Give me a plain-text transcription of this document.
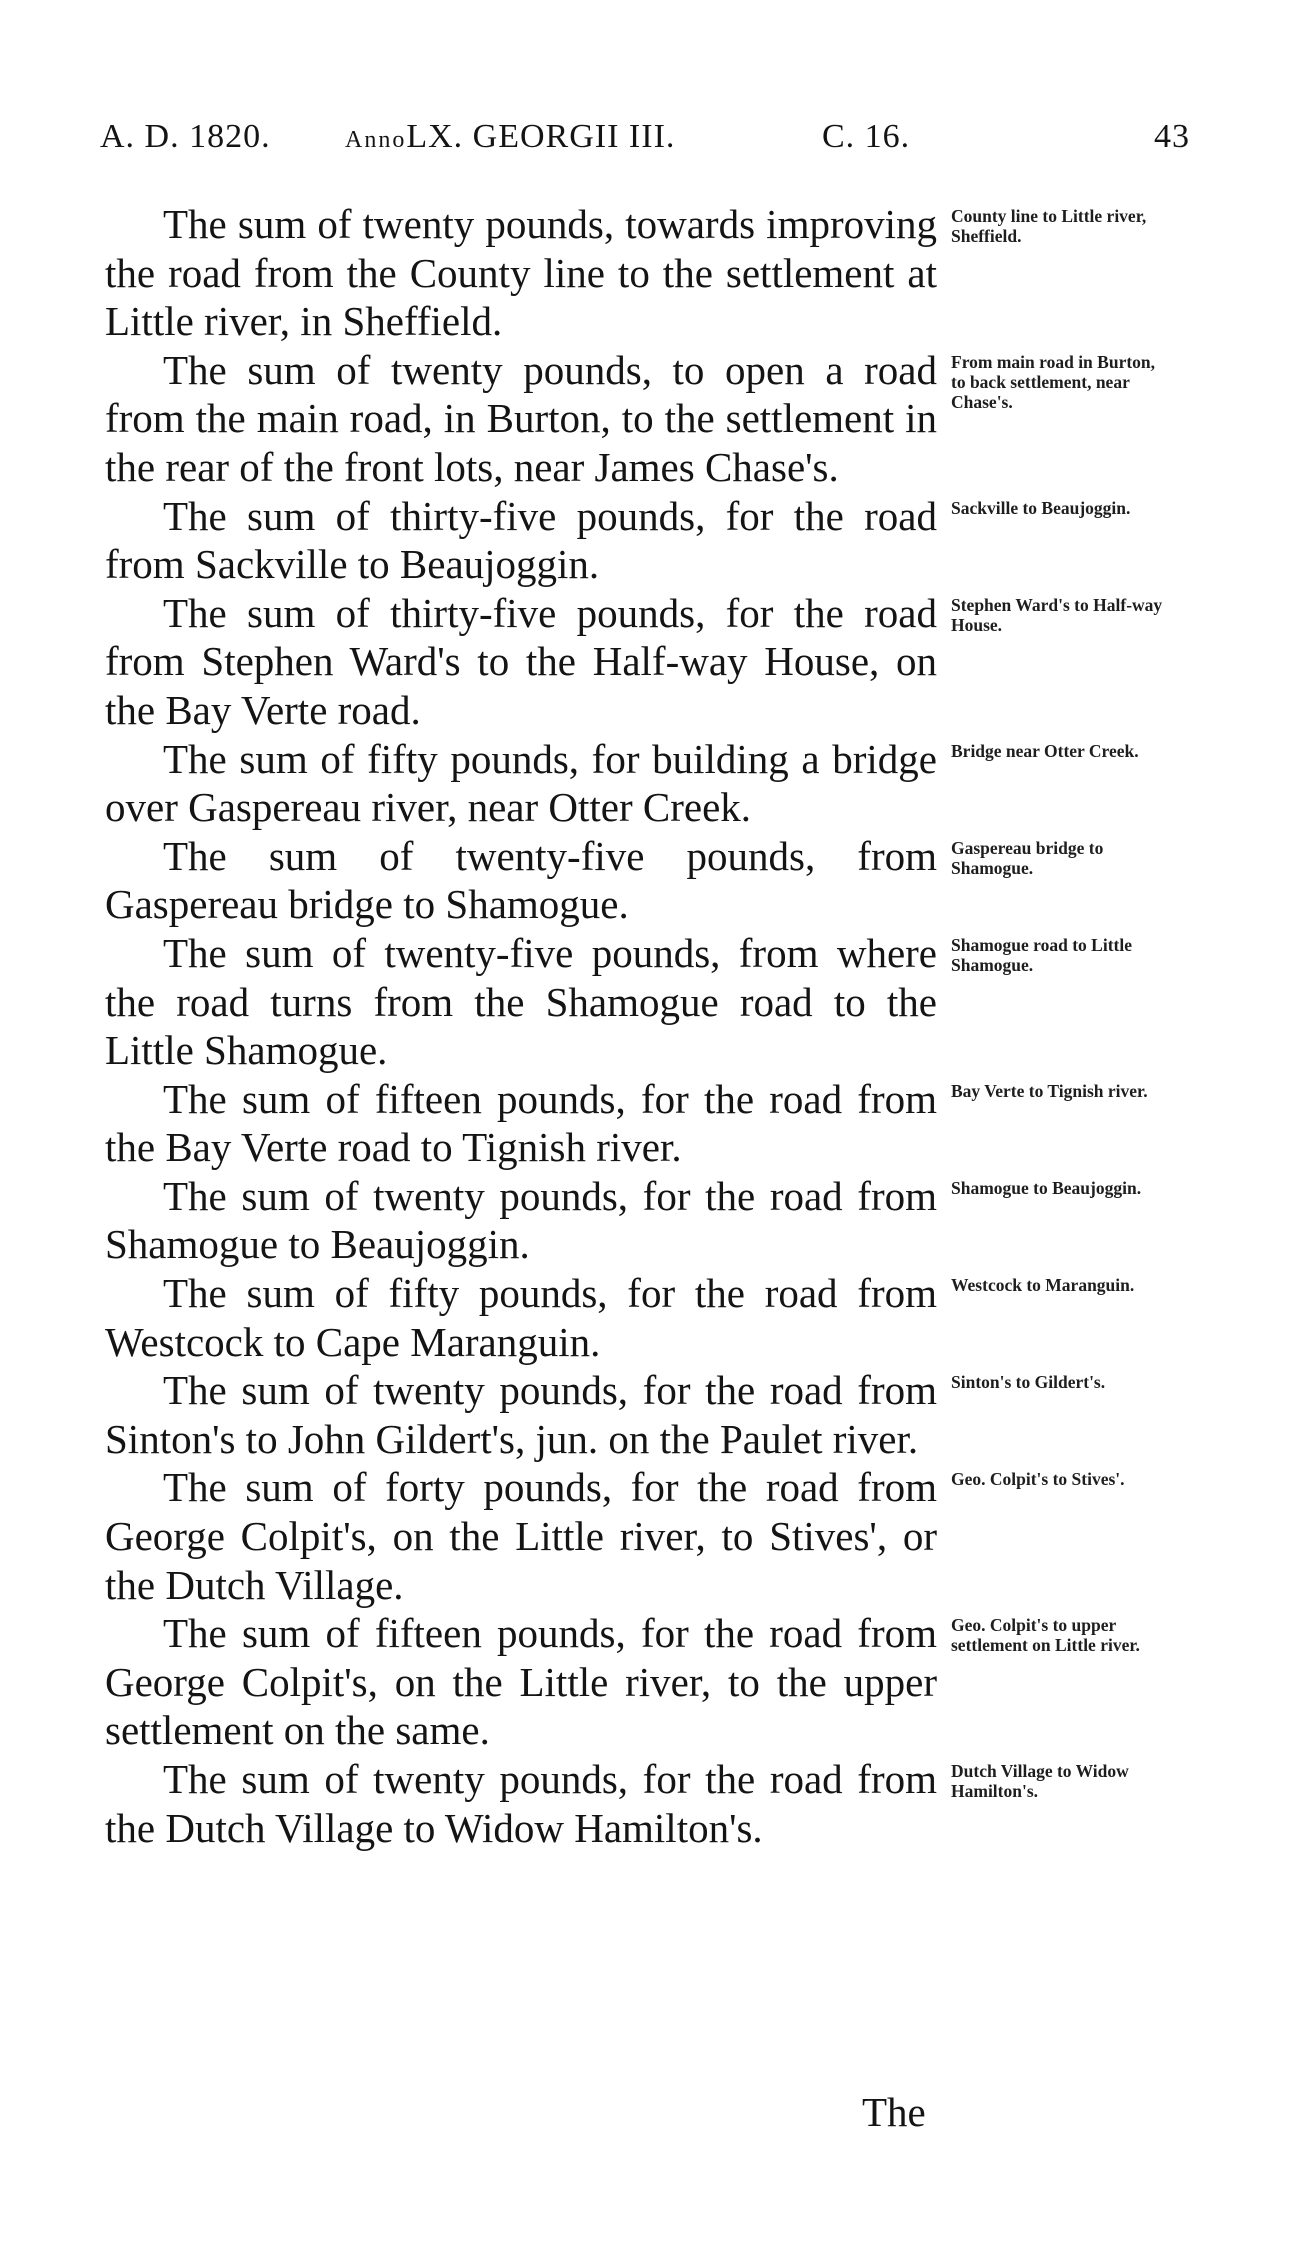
A. D. 1820.	AnnoLX. GEORGII III.	C. 16.	43

The sum of twenty pounds, towards improving the road from the County line to the settlement at Little river, in Sheffield.
County line to Little river, Sheffield.

The sum of twenty pounds, to open a road from the main road, in Burton, to the settlement in the rear of the front lots, near James Chase's.
From main road in Burton, to back settlement, near Chase's.

The sum of thirty-five pounds, for the road from Sackville to Beaujoggin.
Sackville to Beaujoggin.

The sum of thirty-five pounds, for the road from Stephen Ward's to the Half-way House, on the Bay Verte road.
Stephen Ward's to Half-way House.

The sum of fifty pounds, for building a bridge over Gaspereau river, near Otter Creek.
Bridge near Otter Creek.

The sum of twenty-five pounds, from Gaspereau bridge to Shamogue.
Gaspereau bridge to Shamogue.

The sum of twenty-five pounds, from where the road turns from the Shamogue road to the Little Shamogue.
Shamogue road to Little Shamogue.

The sum of fifteen pounds, for the road from the Bay Verte road to Tignish river.
Bay Verte to Tignish river.

The sum of twenty pounds, for the road from Shamogue to Beaujoggin.
Shamogue to Beaujoggin.

The sum of fifty pounds, for the road from Westcock to Cape Maranguin.
Westcock to Maranguin.

The sum of twenty pounds, for the road from Sinton's to John Gildert's, jun. on the Paulet river.
Sinton's to Gildert's.

The sum of forty pounds, for the road from George Colpit's, on the Little river, to Stives', or the Dutch Village.
Geo. Colpit's to Stives'.

The sum of fifteen pounds, for the road from George Colpit's, on the Little river, to the upper settlement on the same.
Geo. Colpit's to upper settlement on Little river.

The sum of twenty pounds, for the road from the Dutch Village to Widow Hamilton's.
Dutch Village to Widow Hamilton's.

The
